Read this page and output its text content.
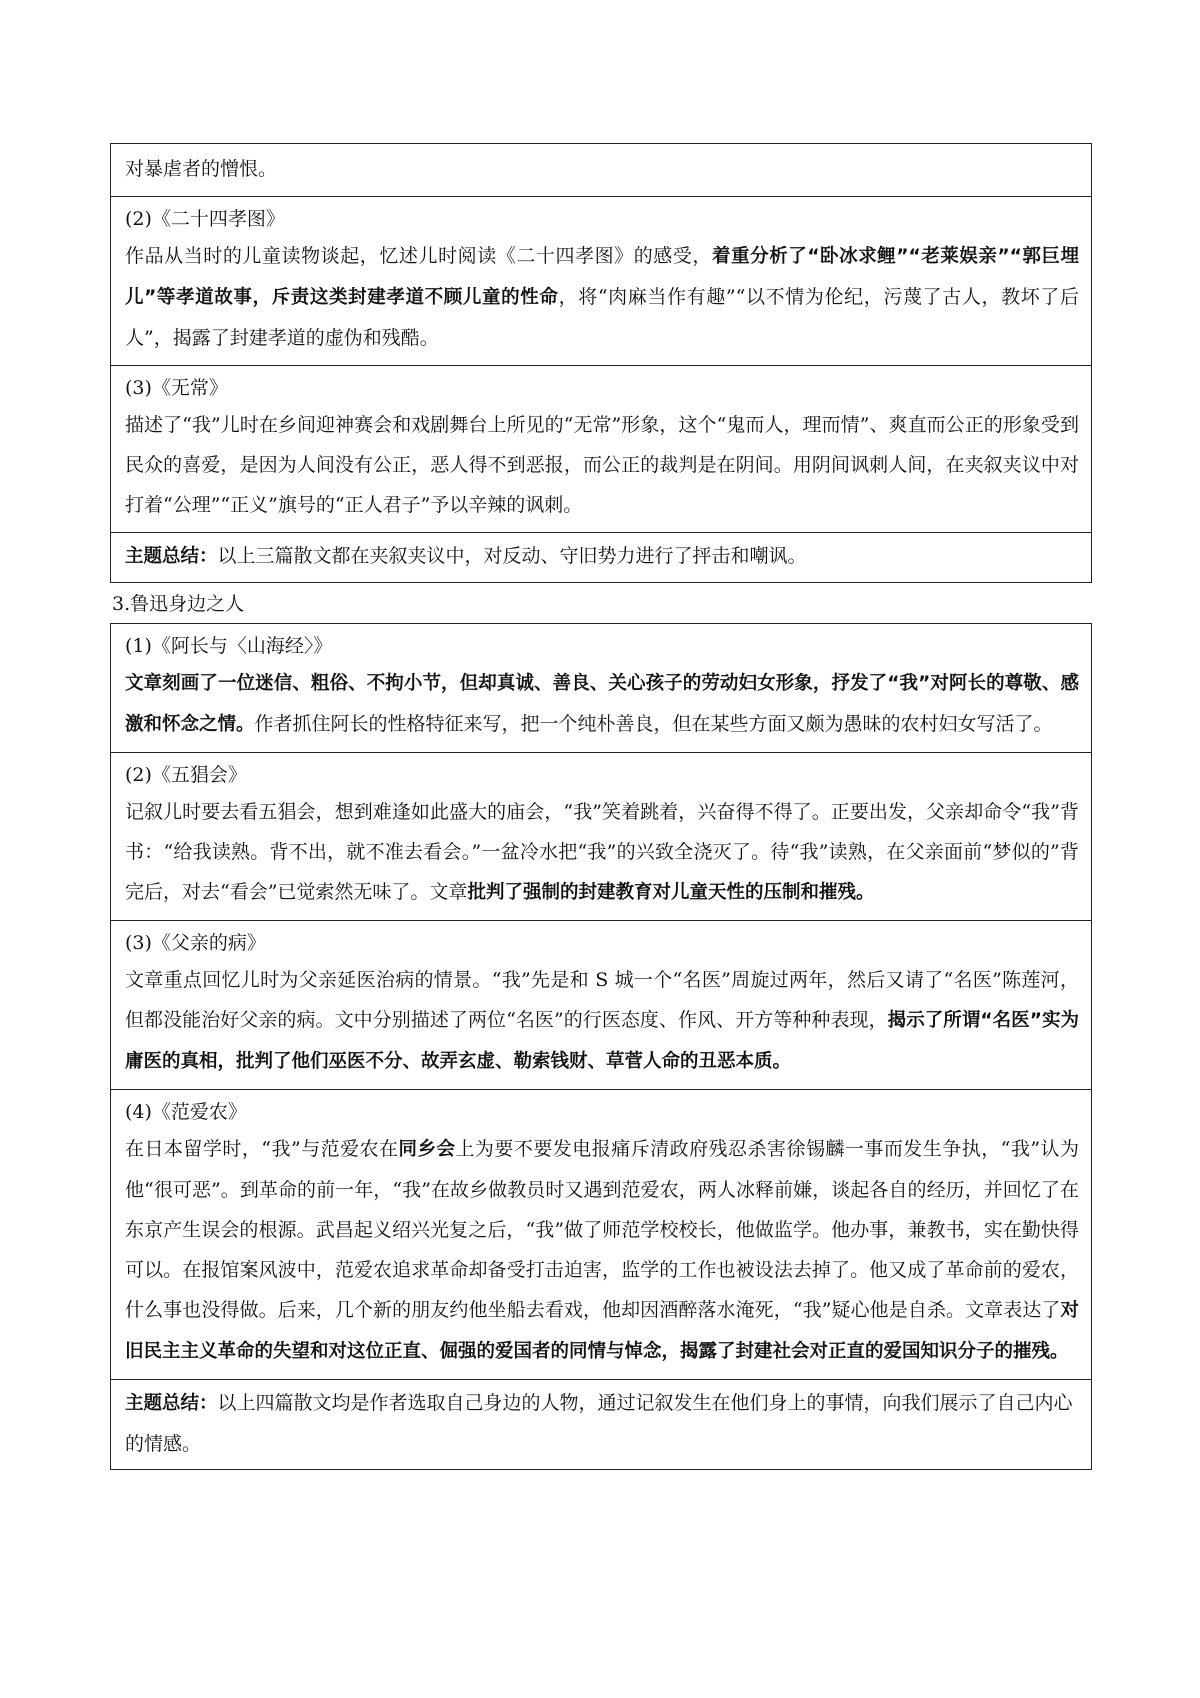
对暴虐者的憎恨。

(2)《二十四孝图》
作品从当时的儿童读物谈起，忆述儿时阅读《二十四孝图》的感受，着重分析了“卧冰求鲤”“老莱娱亲”“郭巨埋儿”等孝道故事，斥责这类封建孝道不顾儿童的性命，将“肉麻当作有趣”“以不情为伦纪，污蔑了古人，教坏了后人”，揭露了封建孝道的虚伪和残酷。

(3)《无常》
描述了“我”儿时在乡间迎神赛会和戏剧舞台上所见的“无常”形象，这个“鬼而人，理而情”、爽直而公正的形象受到民众的喜爱，是因为人间没有公正，恶人得不到恶报，而公正的裁判是在阴间。用阴间讽刺人间，在夹叙夹议中对打着“公理”“正义”旗号的“正人君子”予以辛辣的讽刺。

主题总结：以上三篇散文都在夹叙夹议中，对反动、守旧势力进行了抨击和嘲讽。
3.鲁迅身边之人
(1)《阿长与〈山海经〉》
文章刻画了一位迷信、粗俗、不拘小节，但却真诚、善良、关心孩子的劳动妇女形象，抒发了“我”对阿长的尊敬、感激和怀念之情。作者抓住阿长的性格特征来写，把一个纯朴善良，但在某些方面又颇为愚昧的农村妇女写活了。

(2)《五猖会》
记叙儿时要去看五猖会，想到难逢如此盛大的庙会，“我”笑着跳着，兴奋得不得了。正要出发，父亲却命令“我”背书：“给我读熟。背不出，就不准去看会。”一盆冷水把“我”的兴致全浇灭了。待“我”读熟，在父亲面前“梦似的”背完后，对去“看会”已觉索然无味了。文章批判了强制的封建教育对儿童天性的压制和摧残。

(3)《父亲的病》
文章重点回忆儿时为父亲延医治病的情景。“我”先是和 S 城一个“名医”周旋过两年，然后又请了“名医”陈莲河，但都没能治好父亲的病。文中分别描述了两位“名医”的行医态度、作风、开方等种种表现，揭示了所谓“名医”实为庸医的真相，批判了他们巫医不分、故弄玄虚、勒索钱财、草菅人命的丑恶本质。

(4)《范爱农》
在日本留学时，“我”与范爱农在同乡会上为要不要发电报痛斥清政府残忍杀害徐锡麟一事而发生争执，“我”认为他“很可恶”。到革命的前一年，“我”在故乡做教员时又遇到范爱农，两人冰释前嫌，谈起各自的经历，并回忆了在东京产生误会的根源。武昌起义绍兴光复之后，“我”做了师范学校校长，他做监学。他办事，兼教书，实在勤快得可以。在报馆案风波中，范爱农追求革命却备受打击迫害，监学的工作也被设法去掉了。他又成了革命前的爱农，什么事也没得做。后来，几个新的朋友约他坐船去看戏，他却因酒醉落水淹死，“我”疑心他是自杀。文章表达了对旧民主主义革命的失望和对这位正直、倔强的爱国者的同情与悼念，揭露了封建社会对正直的爱国知识分子的摧残。

主题总结：以上四篇散文均是作者选取自己身边的人物，通过记叙发生在他们身上的事情，向我们展示了自己内心的情感。
